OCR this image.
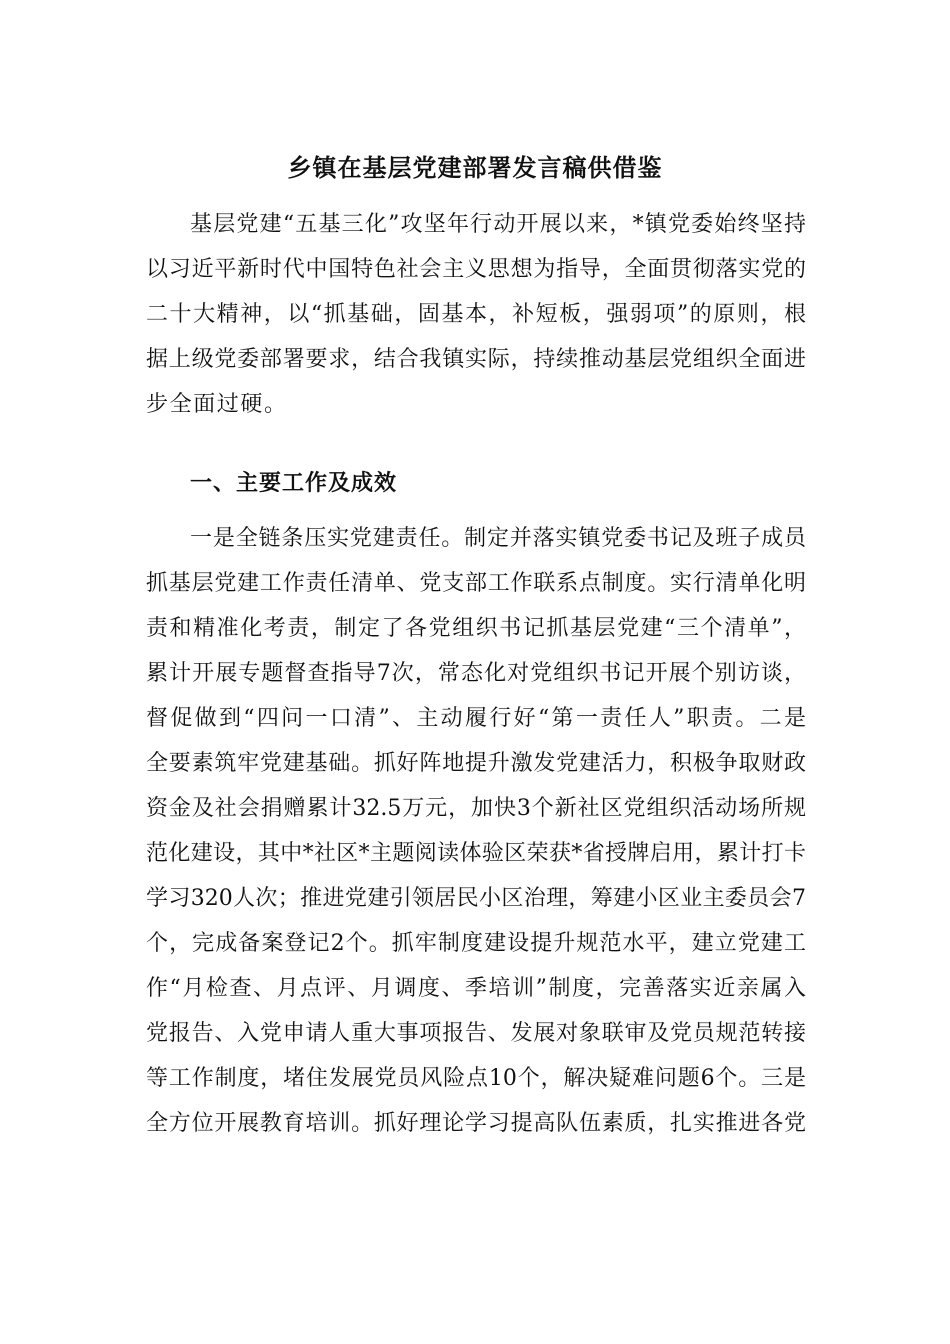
乡镇在基层党建部署发言稿供借鉴
基层党建“五基三化”攻坚年行动开展以来，*镇党委始终坚持
以习近平新时代中国特色社会主义思想为指导，全面贯彻落实党的
二十大精神，以“抓基础，固基本，补短板，强弱项”的原则，根
据上级党委部署要求，结合我镇实际，持续推动基层党组织全面进
步全面过硬。
一、主要工作及成效
一是全链条压实党建责任。制定并落实镇党委书记及班子成员
抓基层党建工作责任清单、党支部工作联系点制度。实行清单化明
责和精准化考责，制定了各党组织书记抓基层党建“三个清单”，
累计开展专题督查指导7次，常态化对党组织书记开展个别访谈，
督促做到“四问一口清”、主动履行好“第一责任人”职责。二是
全要素筑牢党建基础。抓好阵地提升激发党建活力，积极争取财政
资金及社会捐赠累计32.5万元，加快3个新社区党组织活动场所规
范化建设，其中*社区*主题阅读体验区荣获*省授牌启用，累计打卡
学习320人次；推进党建引领居民小区治理，筹建小区业主委员会7
个，完成备案登记2个。抓牢制度建设提升规范水平，建立党建工
作“月检查、月点评、月调度、季培训”制度，完善落实近亲属入
党报告、入党申请人重大事项报告、发展对象联审及党员规范转接
等工作制度，堵住发展党员风险点10个，解决疑难问题6个。三是
全方位开展教育培训。抓好理论学习提高队伍素质，扎实推进各党
